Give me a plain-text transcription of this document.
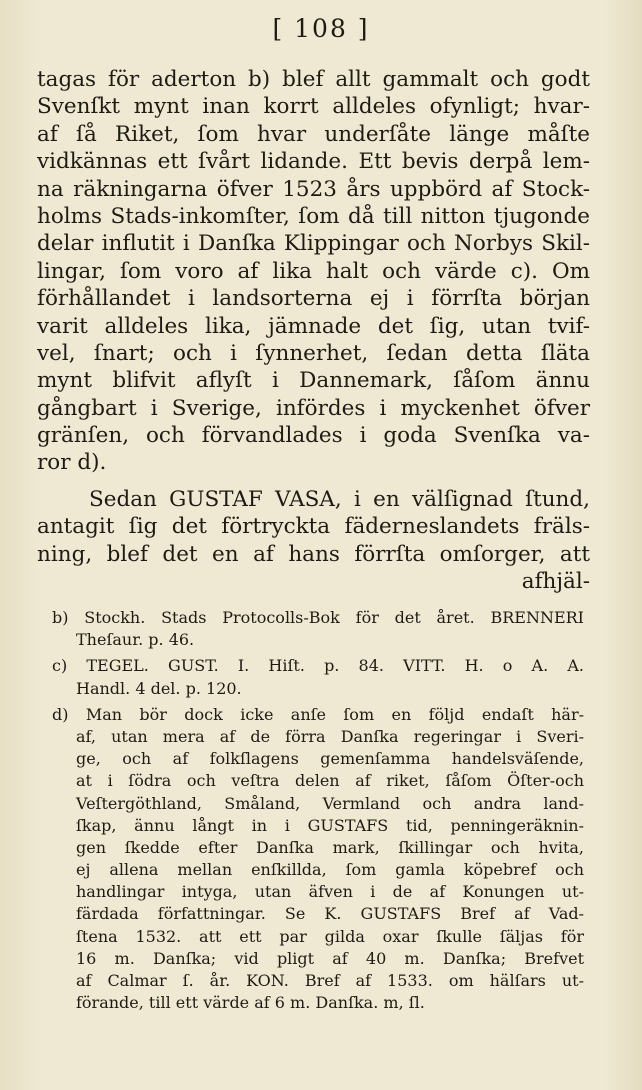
[ 108 ]
tagas för aderton b) blef allt gammalt och godt
Svenſkt mynt inan korrt alldeles ofynligt; hvar-
af ſå Riket, ſom hvar underſåte länge måſte
vidkännas ett ſvårt lidande. Ett bevis derpå lem-
na räkningarna öfver 1523 års uppbörd af Stock-
holms Stads-inkomſter, ſom då till nitton tjugonde
delar influtit i Danſka Klippingar och Norbys Skil-
lingar, ſom voro af lika halt och värde c). Om
förhållandet i landsorterna ej i förrſta början
varit alldeles lika, jämnade det ſig, utan tvif-
vel, ſnart; och i ſynnerhet, ſedan detta ſläta
mynt blifvit aflyſt i Dannemark, ſåſom ännu
gångbart i Sverige, infördes i myckenhet öfver
gränſen, och förvandlades i goda Svenſka va-
ror d).
Sedan GUSTAF VASA, i en välſignad ſtund,
antagit ſig det förtryckta fäderneslandets fräls-
ning, blef det en af hans förrſta omſorger, att
afhjäl-
b) Stockh. Stads Protocolls-Bok för det året. BRENNERI
Theſaur. p. 46.
c) TEGEL. GUST. I. Hiſt. p. 84. VITT. H. o A. A.
Handl. 4 del. p. 120.
d) Man bör dock icke anſe ſom en följd endaſt här-
af, utan mera af de förra Danſka regeringar i Sveri-
ge, och af folkſlagens gemenſamma handelsväſende,
at i ſödra och veſtra delen af riket, ſåſom Öſter-och
Veſtergöthland, Småland, Vermland och andra land-
ſkap, ännu långt in i GUSTAFS tid, penningeräknin-
gen ſkedde efter Danſka mark, ſkillingar och hvita,
ej allena mellan enſkillda, ſom gamla köpebref och
handlingar intyga, utan äfven i de af Konungen ut-
färdada författningar. Se K. GUSTAFS Bref af Vad-
ſtena 1532. att ett par gilda oxar ſkulle ſäljas för
16 m. Danſka; vid pligt af 40 m. Danſka; Brefvet
af Calmar ſ. år. KON. Bref af 1533. om hälſars ut-
förande, till ett värde af 6 m. Danſka. m, ſl.
